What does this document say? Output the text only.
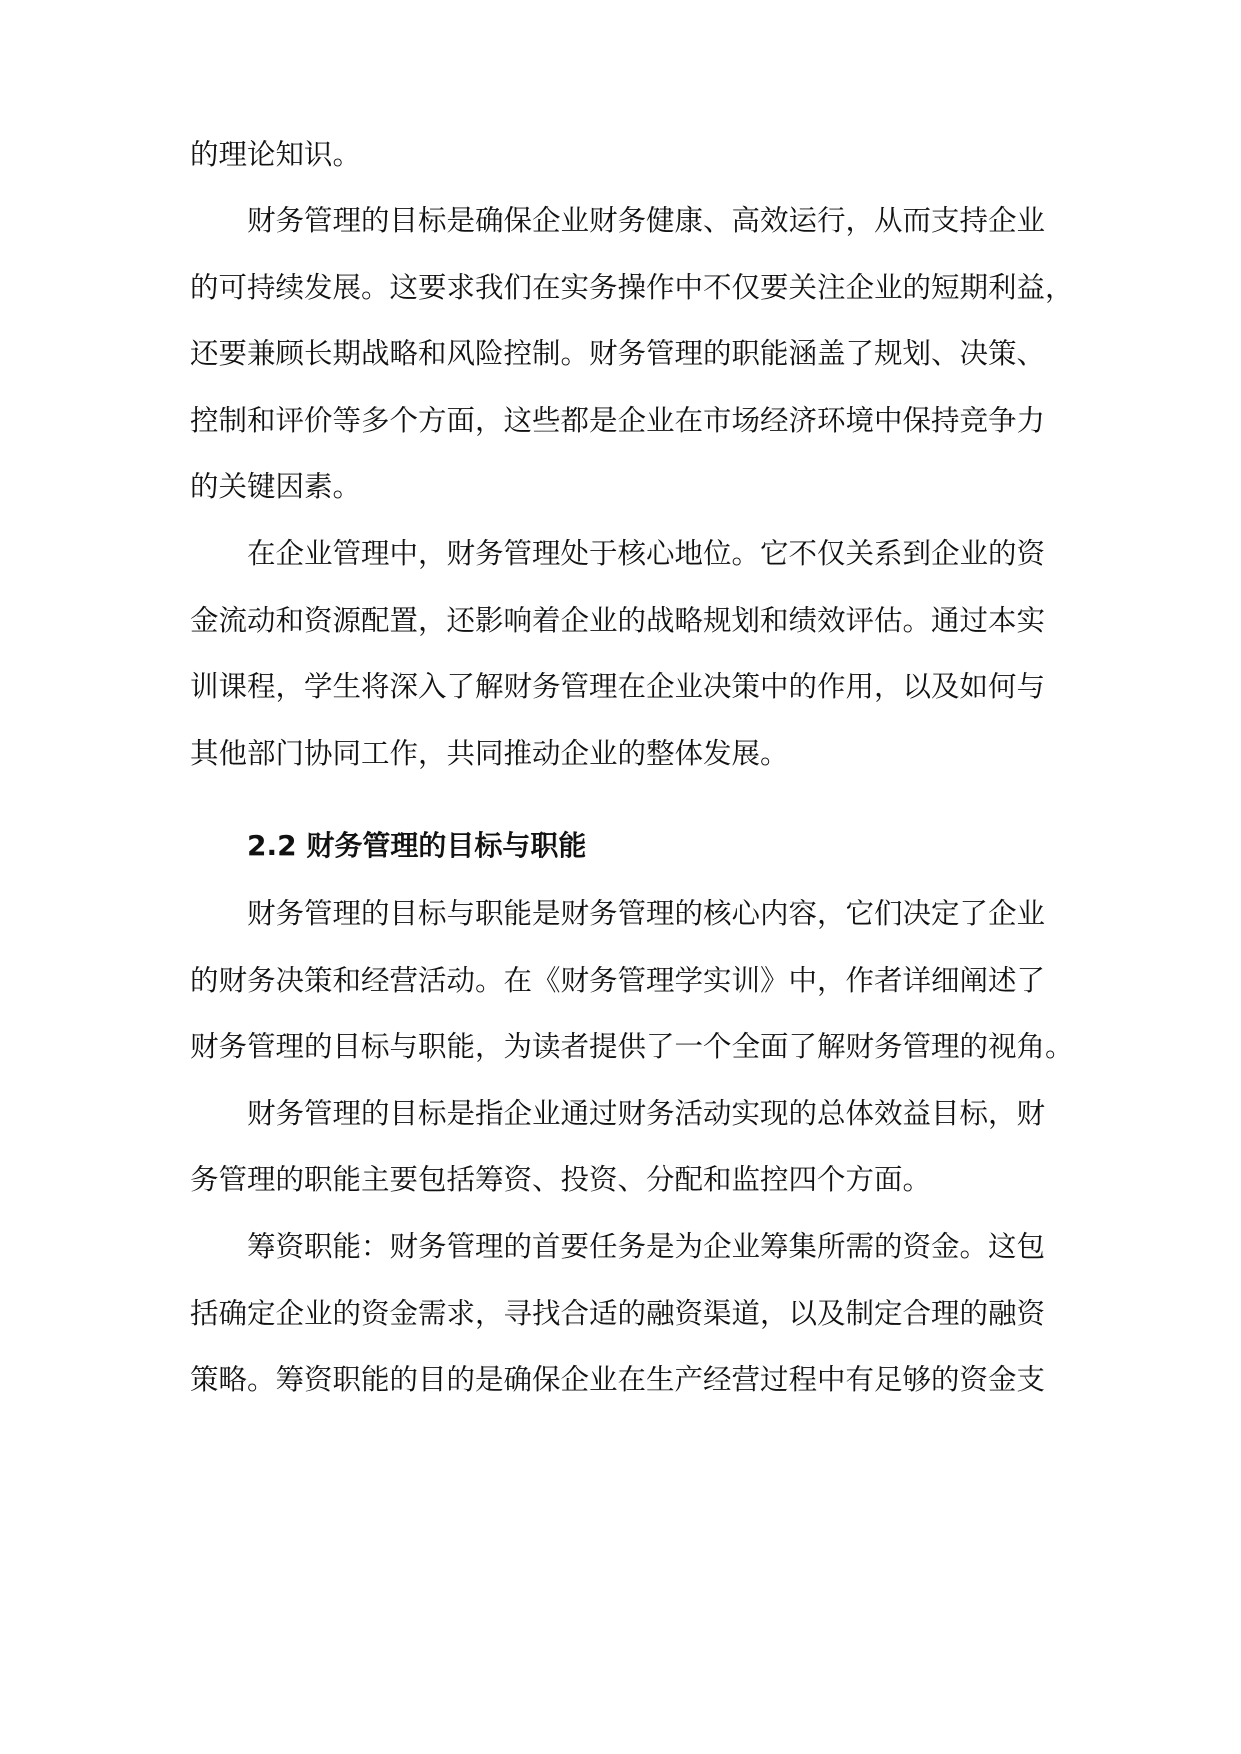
的理论知识。
财务管理的目标是确保企业财务健康、高效运行，从而支持企业
的可持续发展。这要求我们在实务操作中不仅要关注企业的短期利益，
还要兼顾长期战略和风险控制。财务管理的职能涵盖了规划、决策、
控制和评价等多个方面，这些都是企业在市场经济环境中保持竞争力
的关键因素。
在企业管理中，财务管理处于核心地位。它不仅关系到企业的资
金流动和资源配置，还影响着企业的战略规划和绩效评估。通过本实
训课程，学生将深入了解财务管理在企业决策中的作用，以及如何与
其他部门协同工作，共同推动企业的整体发展。
2.2 财务管理的目标与职能
财务管理的目标与职能是财务管理的核心内容，它们决定了企业
的财务决策和经营活动。在《财务管理学实训》中，作者详细阐述了
财务管理的目标与职能，为读者提供了一个全面了解财务管理的视角。
财务管理的目标是指企业通过财务活动实现的总体效益目标，财
务管理的职能主要包括筹资、投资、分配和监控四个方面。
筹资职能：财务管理的首要任务是为企业筹集所需的资金。这包
括确定企业的资金需求，寻找合适的融资渠道，以及制定合理的融资
策略。筹资职能的目的是确保企业在生产经营过程中有足够的资金支
